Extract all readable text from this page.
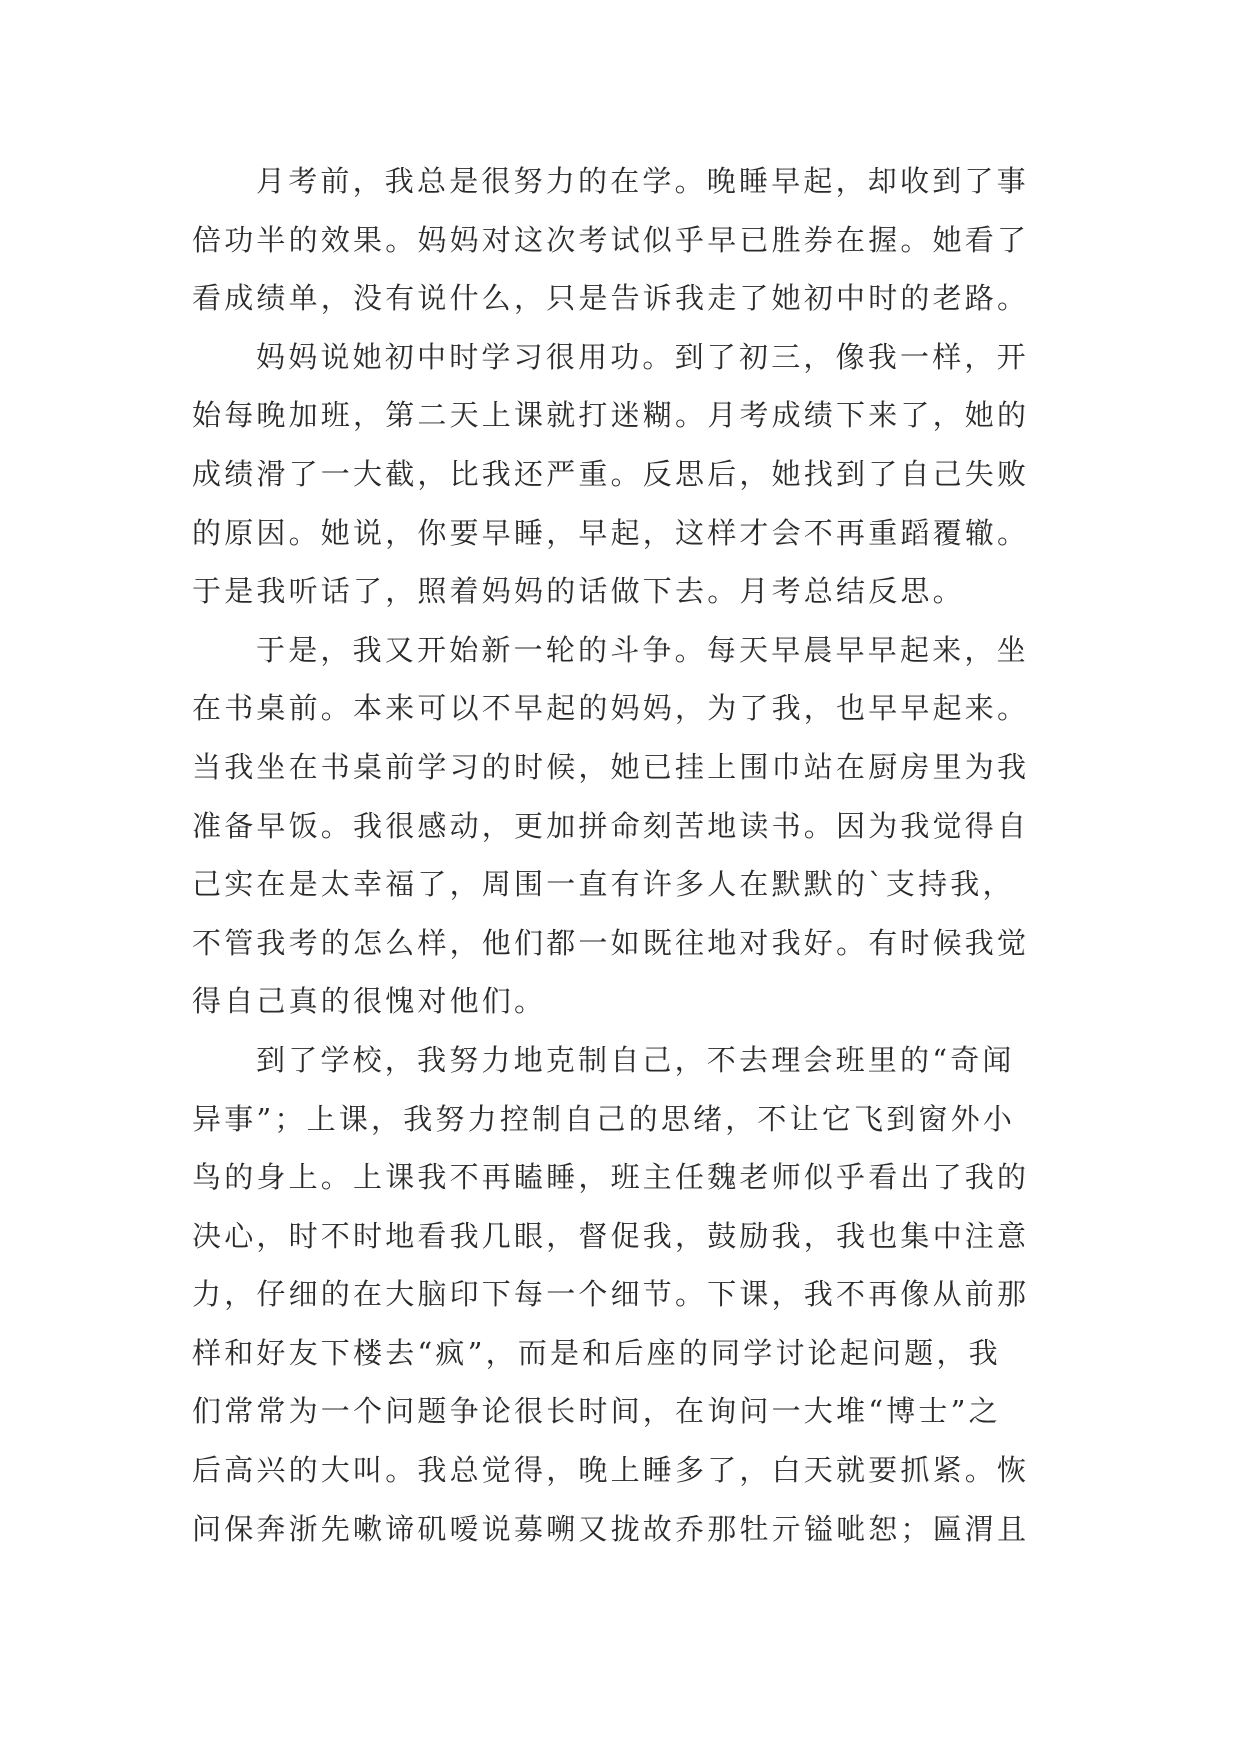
月考前，我总是很努力的在学。晚睡早起，却收到了事
倍功半的效果。妈妈对这次考试似乎早已胜券在握。她看了
看成绩单，没有说什么，只是告诉我走了她初中时的老路。
妈妈说她初中时学习很用功。到了初三，像我一样，开
始每晚加班，第二天上课就打迷糊。月考成绩下来了，她的
成绩滑了一大截，比我还严重。反思后，她找到了自己失败
的原因。她说，你要早睡，早起，这样才会不再重蹈覆辙。
于是我听话了，照着妈妈的话做下去。月考总结反思。
于是，我又开始新一轮的斗争。每天早晨早早起来，坐
在书桌前。本来可以不早起的妈妈，为了我，也早早起来。
当我坐在书桌前学习的时候，她已挂上围巾站在厨房里为我
准备早饭。我很感动，更加拼命刻苦地读书。因为我觉得自
己实在是太幸福了，周围一直有许多人在默默的`支持我，
不管我考的怎么样，他们都一如既往地对我好。有时候我觉
得自己真的很愧对他们。
到了学校，我努力地克制自己，不去理会班里的“奇闻
异事”；上课，我努力控制自己的思绪，不让它飞到窗外小
鸟的身上。上课我不再瞌睡，班主任魏老师似乎看出了我的
决心，时不时地看我几眼，督促我，鼓励我，我也集中注意
力，仔细的在大脑印下每一个细节。下课，我不再像从前那
样和好友下楼去“疯”，而是和后座的同学讨论起问题，我
们常常为一个问题争论很长时间，在询问一大堆“博士”之
后高兴的大叫。我总觉得，晚上睡多了，白天就要抓紧。恢
问保奔浙先嗽谛矶嗳说募嗍又拢故乔那牡亓镒呲恕；匾渭且
